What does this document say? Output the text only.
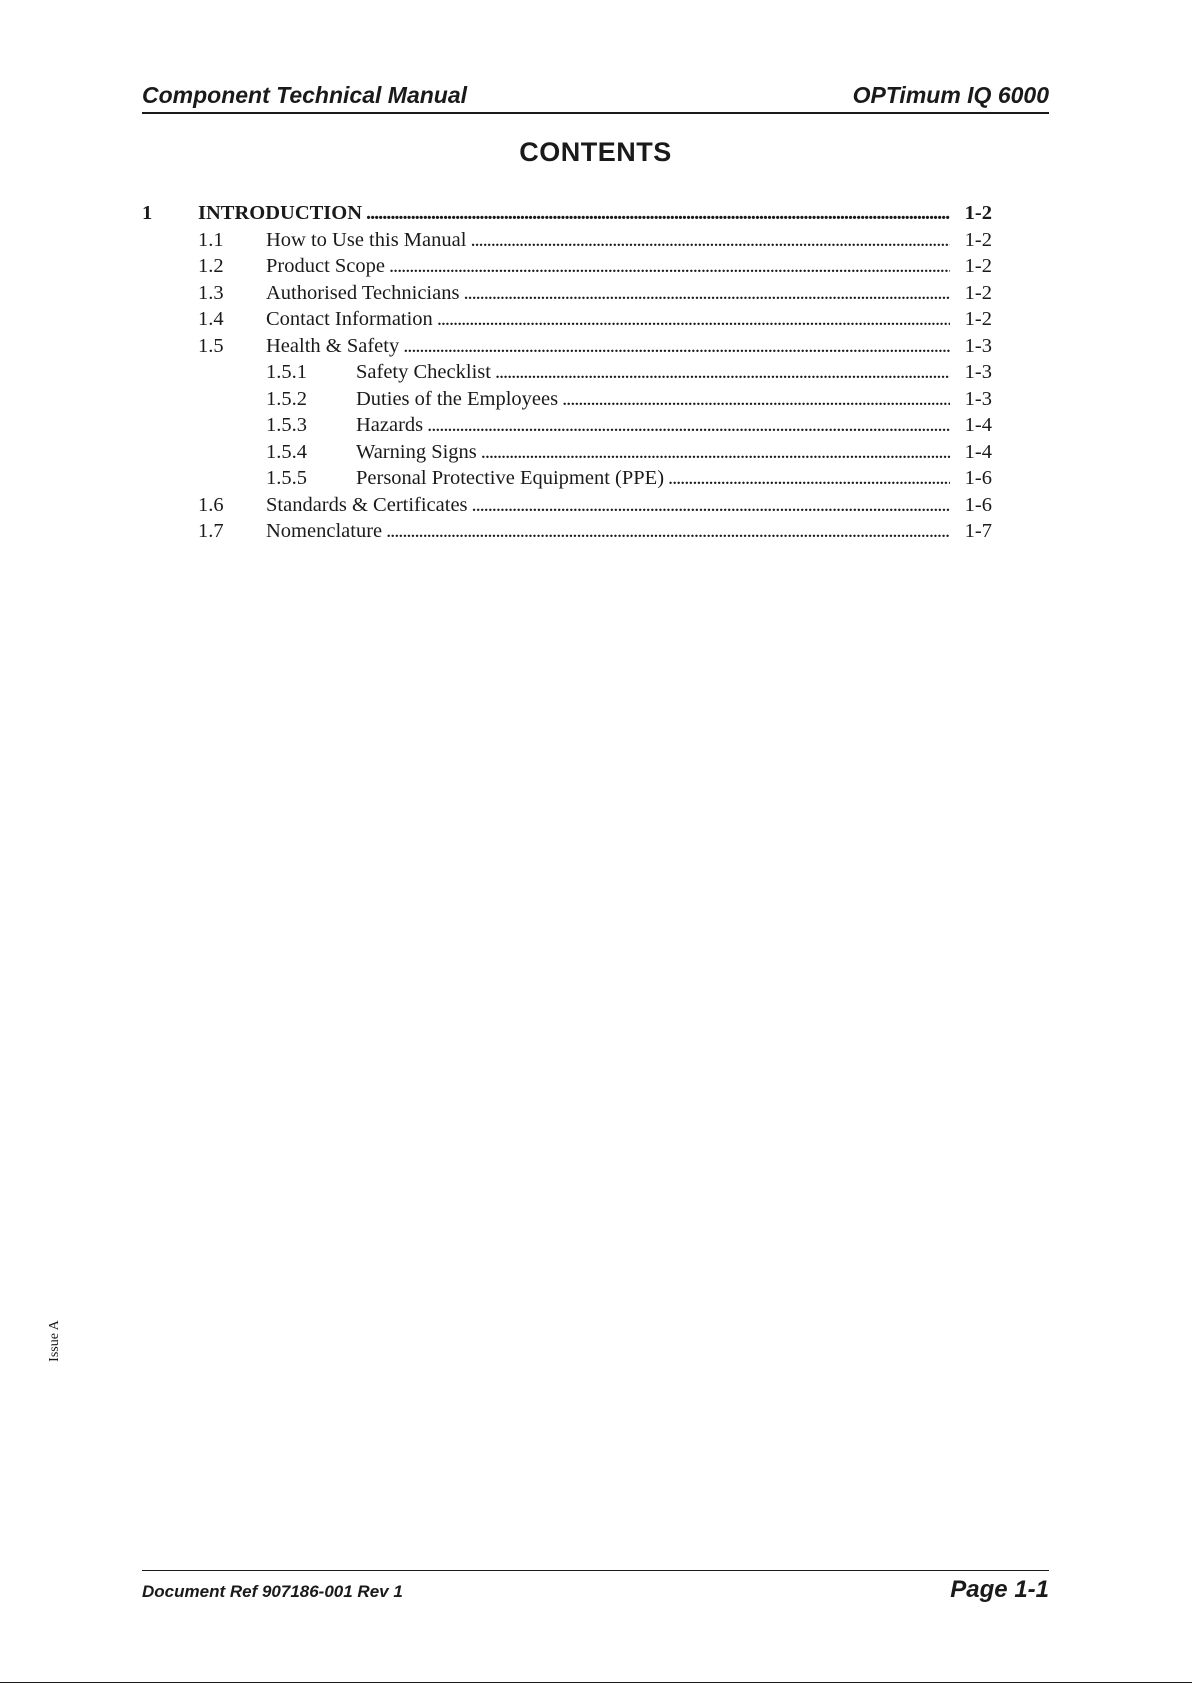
Component Technical Manual	OPTimum IQ 6000
CONTENTS
1	INTRODUCTION . . .	1-2
1.1	How to Use this Manual . . .	1-2
1.2	Product Scope . . .	1-2
1.3	Authorised Technicians . . .	1-2
1.4	Contact Information . . .	1-2
1.5	Health & Safety . . .	1-3
1.5.1	Safety Checklist . . .	1-3
1.5.2	Duties of the Employees . . .	1-3
1.5.3	Hazards . . .	1-4
1.5.4	Warning Signs . . .	1-4
1.5.5	Personal Protective Equipment (PPE) . . .	1-6
1.6	Standards & Certificates . . .	1-6
1.7	Nomenclature . . .	1-7
Issue A
Document Ref 907186-001 Rev 1	Page 1-1
